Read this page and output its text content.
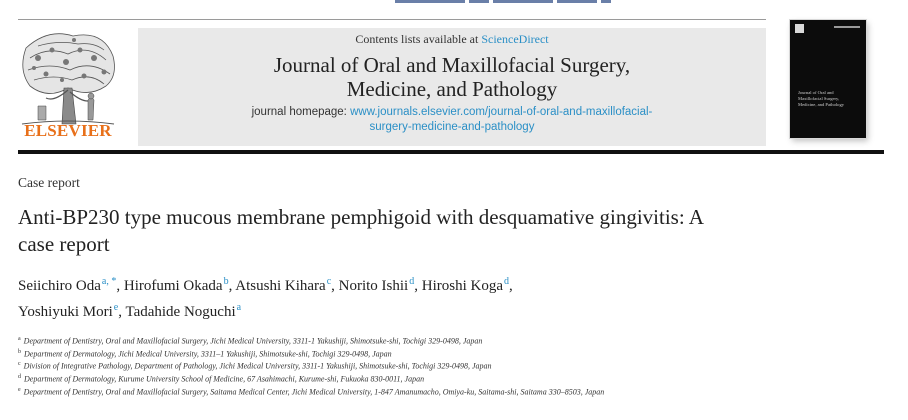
ELSEVIER
Contents lists available at ScienceDirect
Journal of Oral and Maxillofacial Surgery,
Medicine, and Pathology
journal homepage: www.journals.elsevier.com/journal-of-oral-and-maxillofacial-
surgery-medicine-and-pathology
Journal of Oral and Maxillofacial Surgery, Medicine, and Pathology
Case report
Anti-BP230 type mucous membrane pemphigoid with desquamative gingivitis: A case report
Seiichiro Oda$^{a, *}$, Hirofumi Okada$^b$, Atsushi Kihara$^c$, Norito Ishii$^d$, Hiroshi Koga$^d$,
Yoshiyuki Mori$^e$, Tadahide Noguchi$^a$
$^a$ Department of Dentistry, Oral and Maxillofacial Surgery, Jichi Medical University, 3311-1 Yakushiji, Shimotsuke-shi, Tochigi 329-0498, Japan
$^b$ Department of Dermatology, Jichi Medical University, 3311–1 Yakushiji, Shimotsuke-shi, Tochigi 329-0498, Japan
$^c$ Division of Integrative Pathology, Department of Pathology, Jichi Medical University, 3311-1 Yakushiji, Shimotsuke-shi, Tochigi 329-0498, Japan
$^d$ Department of Dermatology, Kurume University School of Medicine, 67 Asahimachi, Kurume-shi, Fukuoka 830-0011, Japan
$^e$ Department of Dentistry, Oral and Maxillofacial Surgery, Saitama Medical Center, Jichi Medical University, 1-847 Amanumacho, Omiya-ku, Saitama-shi, Saitama 330–8503, Japan
